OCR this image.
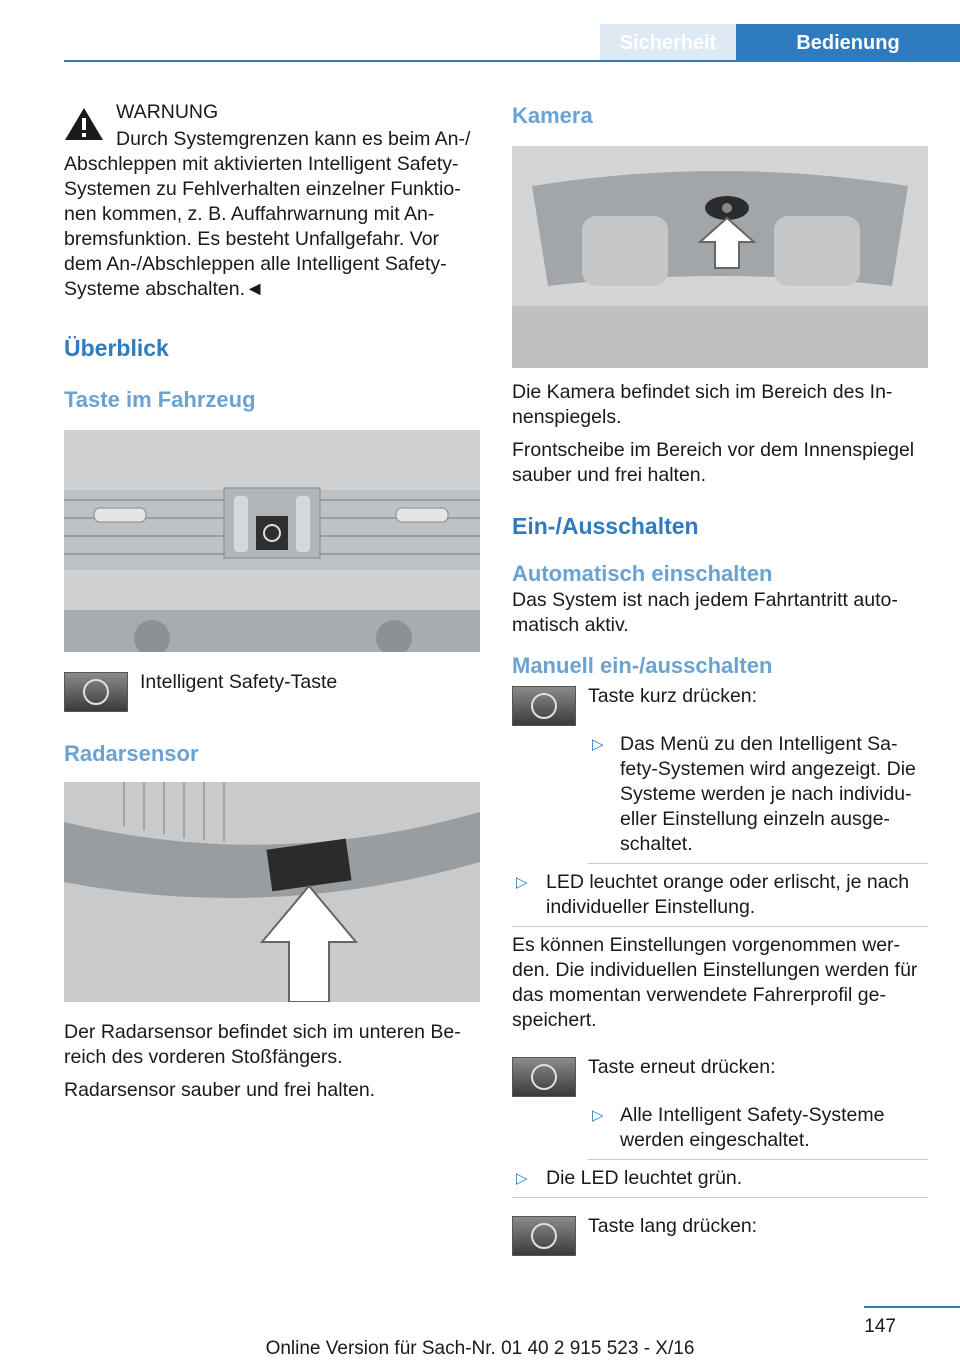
Sicherheit	Bedienung

WARNUNG

Durch Systemgrenzen kann es beim An-/

Abschleppen mit aktivierten Intelligent Safety-Systemen zu Fehlverhalten einzelner Funktio-nen kommen, z. B. Auffahrwarnung mit An-bremsfunktion. Es besteht Unfallgefahr. Vor dem An-/Abschleppen alle Intelligent Safety-Systeme abschalten.◄

Überblick
Taste im Fahrzeug

Intelligent Safety-Taste

Radarsensor

Der Radarsensor befindet sich im unteren Be-reich des vorderen Stoßfängers.

Radarsensor sauber und frei halten.

Kamera

Die Kamera befindet sich im Bereich des In-nenspiegels.

Frontscheibe im Bereich vor dem Innenspiegel sauber und frei halten.

Ein-/Ausschalten
Automatisch einschalten

Das System ist nach jedem Fahrtantritt auto-matisch aktiv.

Manuell ein-/ausschalten

Taste kurz drücken:

▷ Das Menü zu den Intelligent Sa-fety-Systemen wird angezeigt. Die Systeme werden je nach individu-eller Einstellung einzeln ausge-schaltet.
▷ LED leuchtet orange oder erlischt, je nach individueller Einstellung.

Es können Einstellungen vorgenommen wer-den. Die individuellen Einstellungen werden für das momentan verwendete Fahrerprofil ge-speichert.

Taste erneut drücken:

▷ Alle Intelligent Safety-Systeme werden eingeschaltet.
▷ Die LED leuchtet grün.

Taste lang drücken:

147
Online Version für Sach-Nr. 01 40 2 915 523 - X/16
